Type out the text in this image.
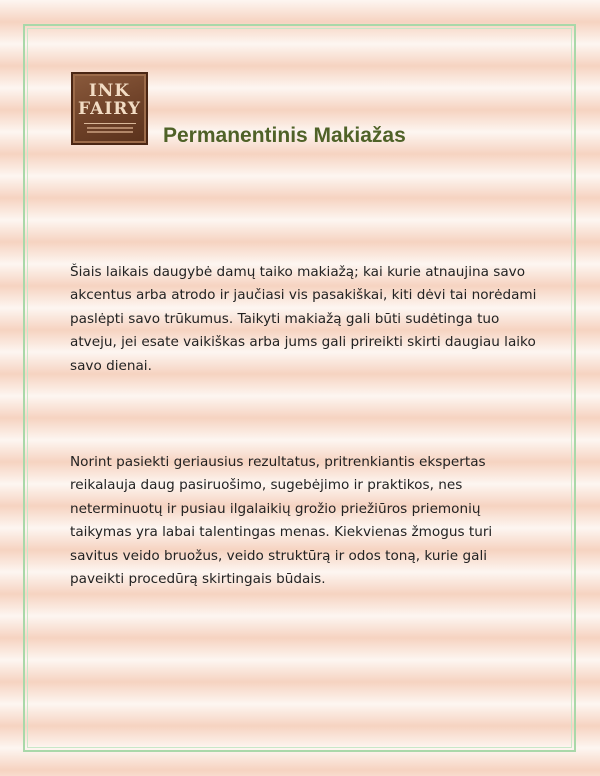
INK
FAIRY
Permanentinis Makiažas

Šiais laikais daugybė damų taiko makiažą; kai kurie atnaujina savo akcentus arba atrodo ir jaučiasi vis pasakiškai, kiti dėvi tai norėdami paslėpti savo trūkumus. Taikyti makiažą gali būti sudėtinga tuo atveju, jei esate vaikiškas arba jums gali prireikti skirti daugiau laiko savo dienai.

Norint pasiekti geriausius rezultatus, pritrenkiantis ekspertas reikalauja daug pasiruošimo, sugebėjimo ir praktikos, nes neterminuotų ir pusiau ilgalaikių grožio priežiūros priemonių taikymas yra labai talentingas menas. Kiekvienas žmogus turi savitus veido bruožus, veido struktūrą ir odos toną, kurie gali paveikti procedūrą skirtingais būdais.
